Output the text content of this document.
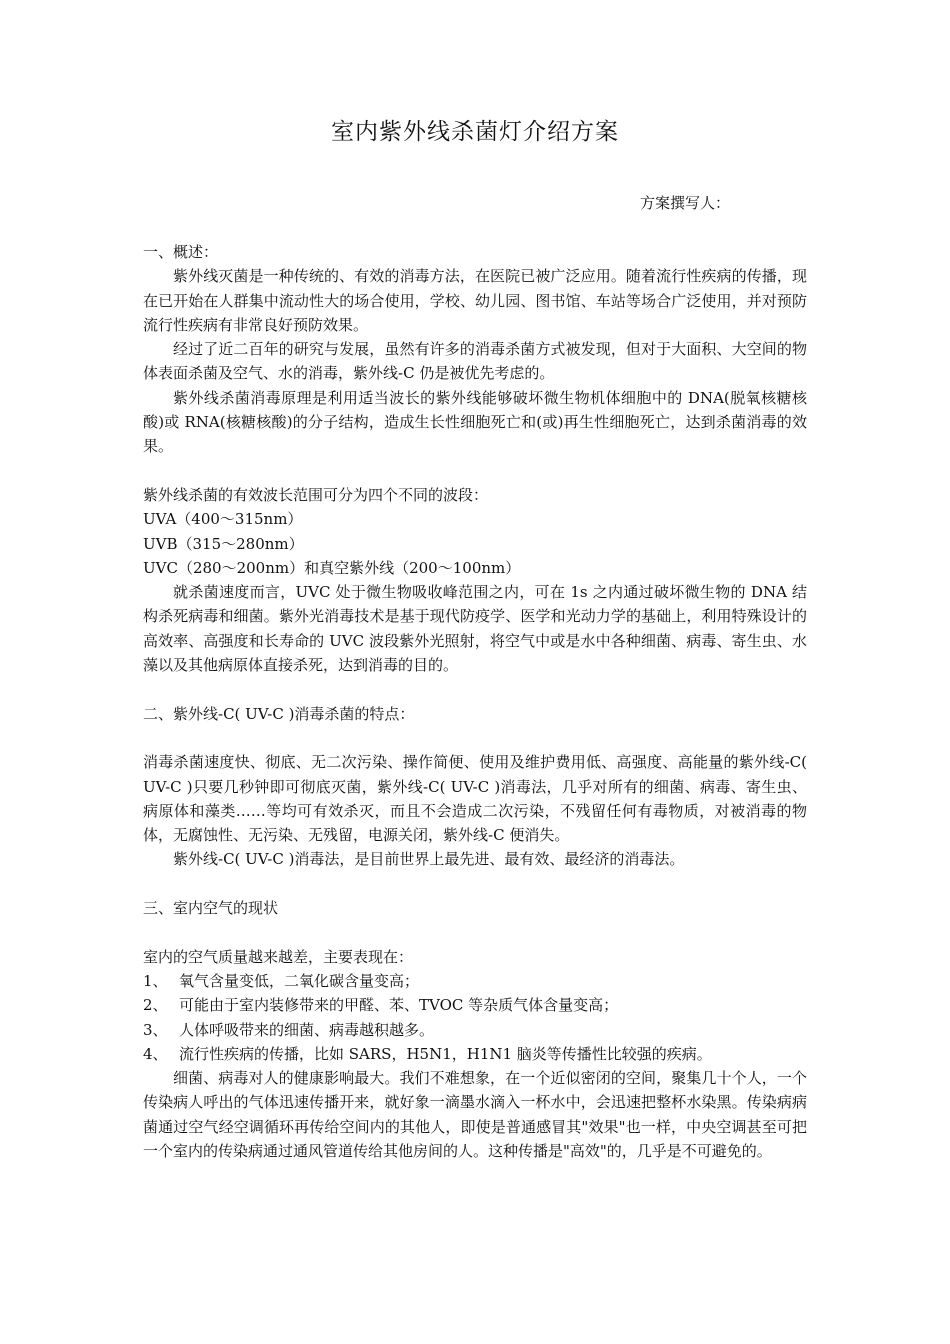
室内紫外线杀菌灯介绍方案
方案撰写人：

一、概述：

紫外线灭菌是一种传统的、有效的消毒方法，在医院已被广泛应用。随着流行性疾病的传播，现在已开始在人群集中流动性大的场合使用，学校、幼儿园、图书馆、车站等场合广泛使用，并对预防流行性疾病有非常良好预防效果。

经过了近二百年的研究与发展，虽然有许多的消毒杀菌方式被发现，但对于大面积、大空间的物体表面杀菌及空气、水的消毒，紫外线-C 仍是被优先考虑的。

紫外线杀菌消毒原理是利用适当波长的紫外线能够破坏微生物机体细胞中的 DNA(脱氧核糖核酸)或 RNA(核糖核酸)的分子结构，造成生长性细胞死亡和(或)再生性细胞死亡，达到杀菌消毒的效果。

紫外线杀菌的有效波长范围可分为四个不同的波段：

UVA（400～315nm）

UVB（315～280nm）

UVC（280～200nm）和真空紫外线（200～100nm）

就杀菌速度而言，UVC 处于微生物吸收峰范围之内，可在 1s 之内通过破坏微生物的 DNA 结构杀死病毒和细菌。紫外光消毒技术是基于现代防疫学、医学和光动力学的基础上，利用特殊设计的高效率、高强度和长寿命的 UVC 波段紫外光照射，将空气中或是水中各种细菌、病毒、寄生虫、水藻以及其他病原体直接杀死，达到消毒的目的。

二、紫外线-C( UV-C )消毒杀菌的特点：

消毒杀菌速度快、彻底、无二次污染、操作简便、使用及维护费用低、高强度、高能量的紫外线-C( UV-C )只要几秒钟即可彻底灭菌，紫外线-C( UV-C )消毒法，几乎对所有的细菌、病毒、寄生虫、病原体和藻类……等均可有效杀灭，而且不会造成二次污染，不残留任何有毒物质，对被消毒的物体，无腐蚀性、无污染、无残留，电源关闭，紫外线-C 便消失。

紫外线-C( UV-C )消毒法，是目前世界上最先进、最有效、最经济的消毒法。

三、室内空气的现状

室内的空气质量越来越差，主要表现在：

1、 氧气含量变低，二氧化碳含量变高；
2、 可能由于室内装修带来的甲醛、苯、TVOC 等杂质气体含量变高；
3、 人体呼吸带来的细菌、病毒越积越多。
4、 流行性疾病的传播，比如 SARS，H5N1，H1N1 脑炎等传播性比较强的疾病。

细菌、病毒对人的健康影响最大。我们不难想象，在一个近似密闭的空间，聚集几十个人，一个传染病人呼出的气体迅速传播开来，就好象一滴墨水滴入一杯水中，会迅速把整杯水染黑。传染病病菌通过空气经空调循环再传给空间内的其他人，即使是普通感冒其"效果"也一样，中央空调甚至可把一个室内的传染病通过通风管道传给其他房间的人。这种传播是"高效"的，几乎是不可避免的。
